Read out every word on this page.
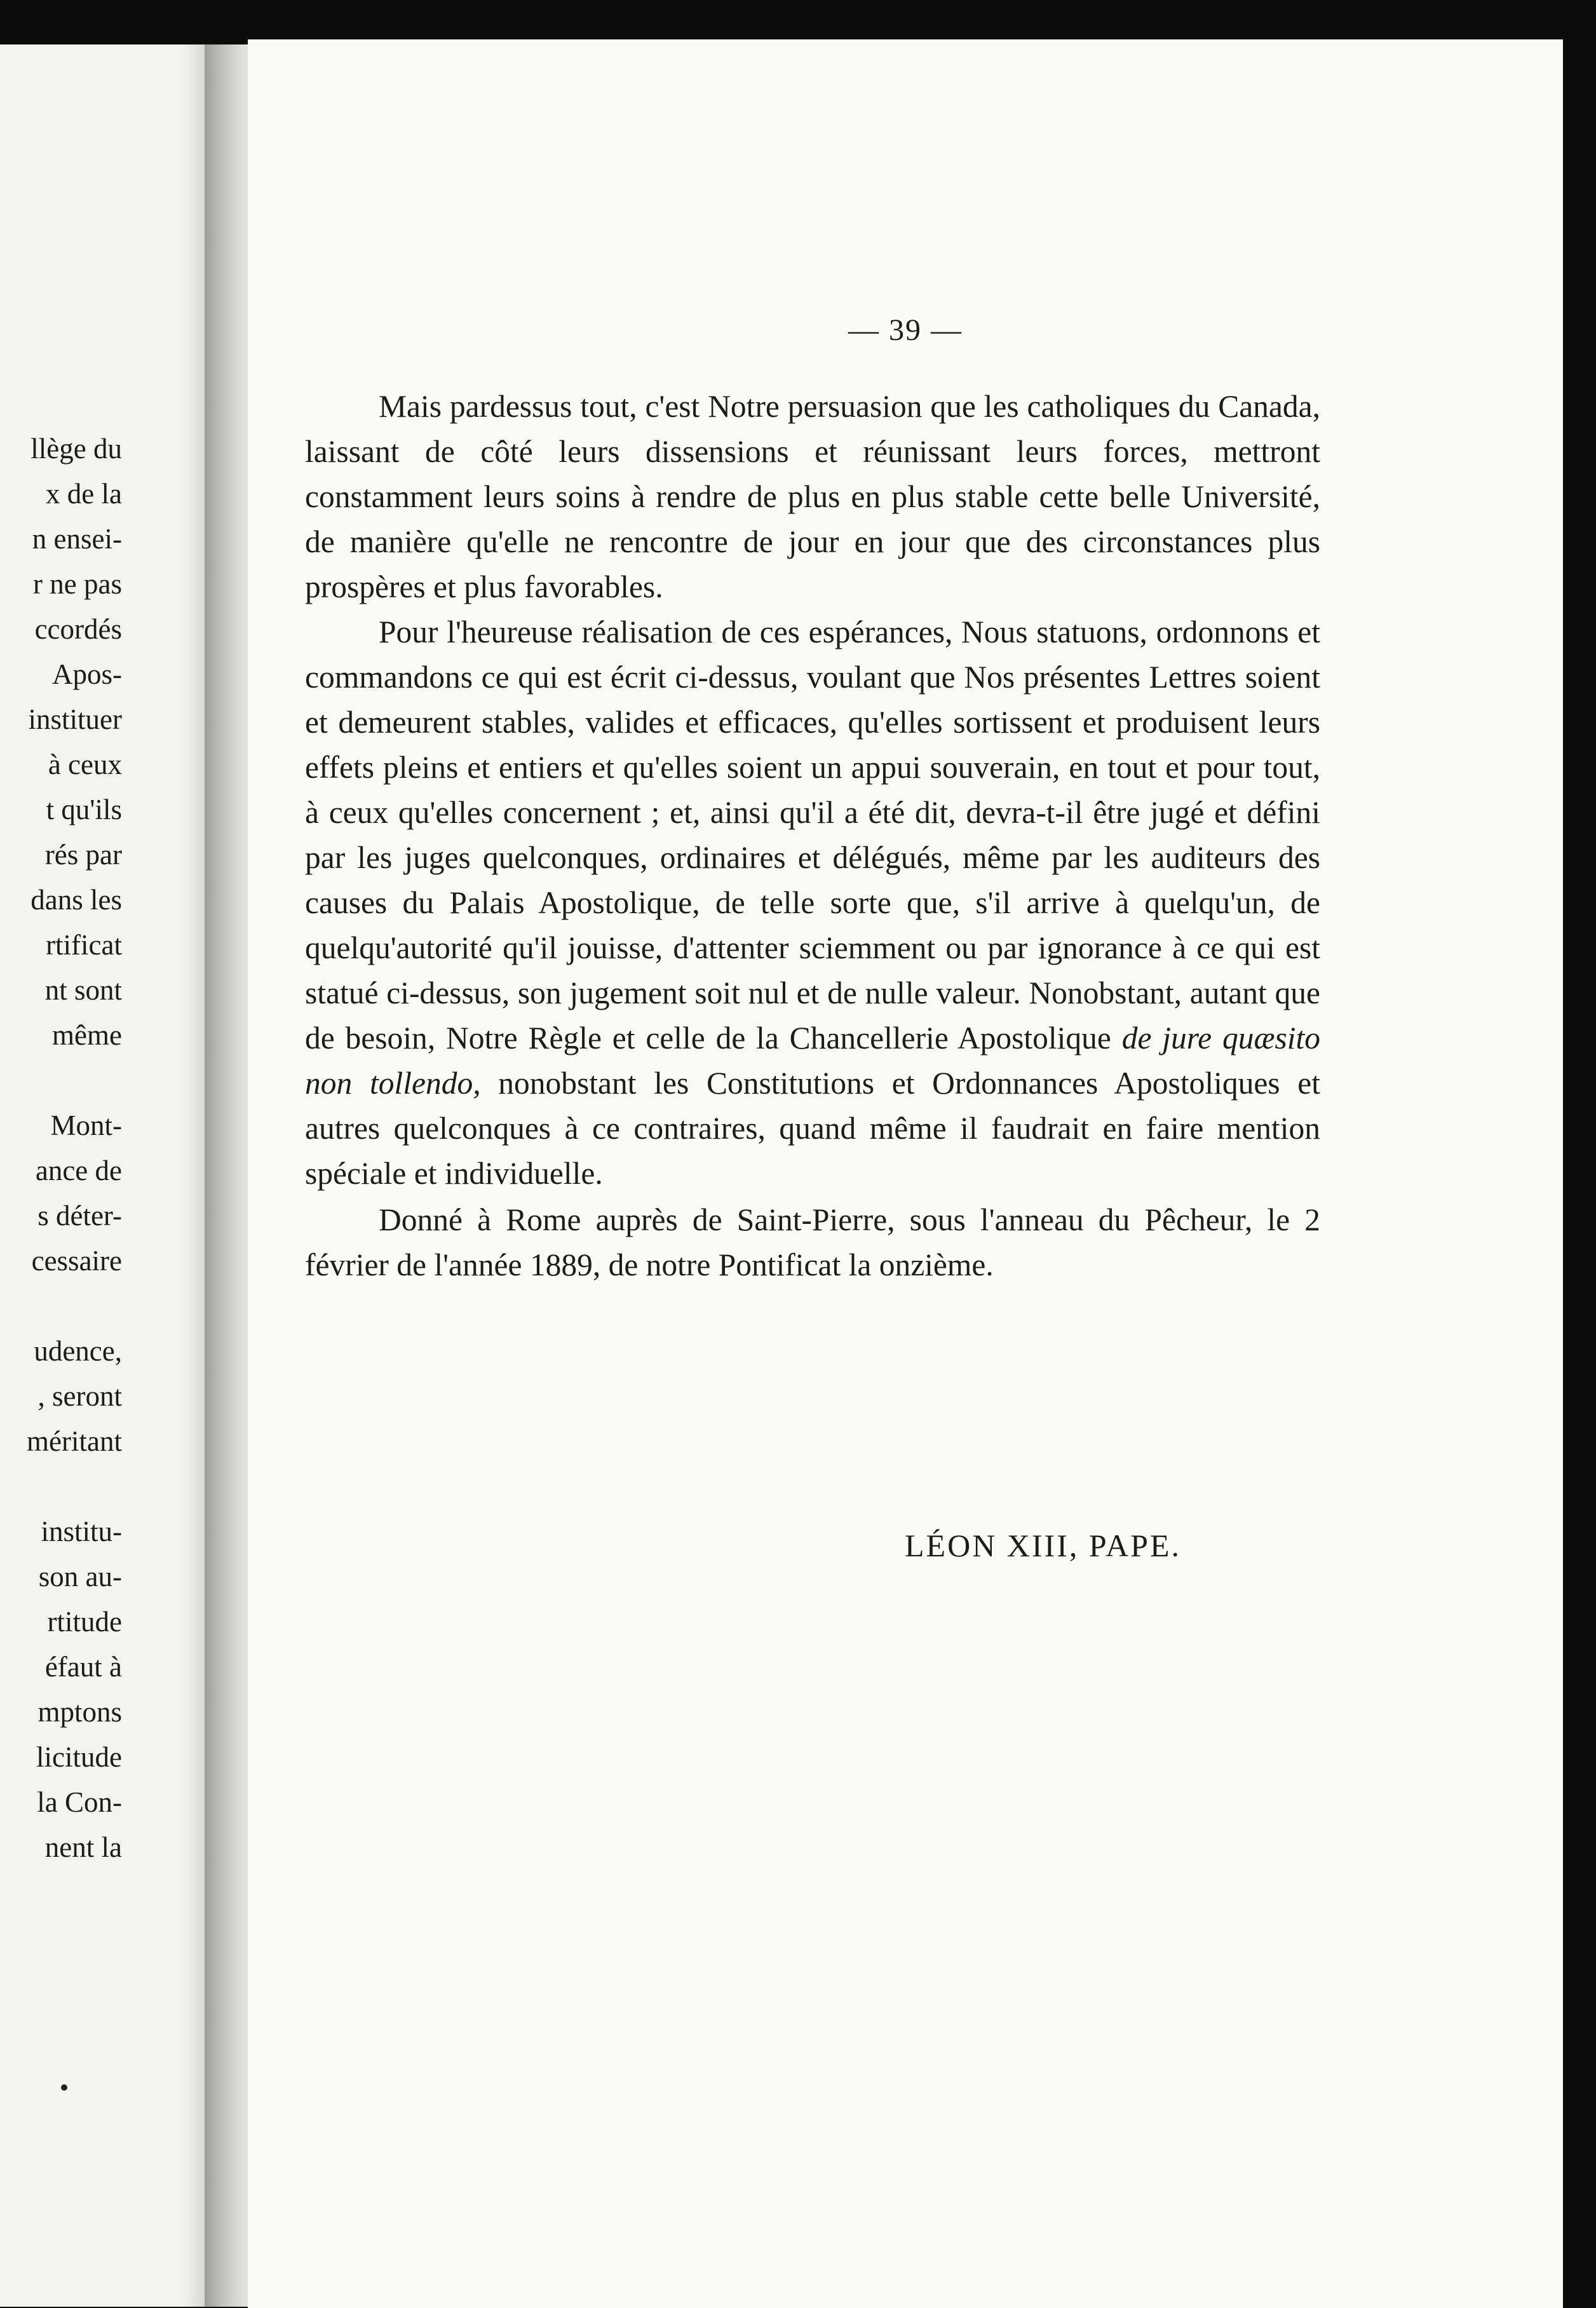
llège du
x de la
n ensei-
r ne pas
ccordés
Apos-
instituer
à ceux
t qu'ils
rés par
dans les
rtificat
nt sont
même
Mont-
ance de
s déter-
cessaire
udence,
, seront
méritant
institu-
son au-
rtitude
éfaut à
mptons
licitude
la Con-
nent la
— 39 —

Mais pardessus tout, c'est Notre persuasion que les catholiques du Canada, laissant de côté leurs dissensions et réunissant leurs forces, mettront constamment leurs soins à rendre de plus en plus stable cette belle Université, de manière qu'elle ne rencontre de jour en jour que des circonstances plus prospères et plus favorables.

Pour l'heureuse réalisation de ces espérances, Nous statuons, ordonnons et commandons ce qui est écrit ci-dessus, voulant que Nos présentes Lettres soient et demeurent stables, valides et efficaces, qu'elles sortissent et produisent leurs effets pleins et entiers et qu'elles soient un appui souverain, en tout et pour tout, à ceux qu'elles concernent ; et, ainsi qu'il a été dit, devra-t-il être jugé et défini par les juges quelconques, ordinaires et délégués, même par les auditeurs des causes du Palais Apostolique, de telle sorte que, s'il arrive à quelqu'un, de quelqu'autorité qu'il jouisse, d'attenter sciemment ou par ignorance à ce qui est statué ci-dessus, son jugement soit nul et de nulle valeur. Nonobstant, autant que de besoin, Notre Règle et celle de la Chancellerie Apostolique de jure quæsito non tollendo, nonobstant les Constitutions et Ordonnances Apostoliques et autres quelconques à ce contraires, quand même il faudrait en faire mention spéciale et individuelle.

Donné à Rome auprès de Saint-Pierre, sous l'anneau du Pêcheur, le 2 février de l'année 1889, de notre Pontificat la onzième.

LÉON XIII, PAPE.
